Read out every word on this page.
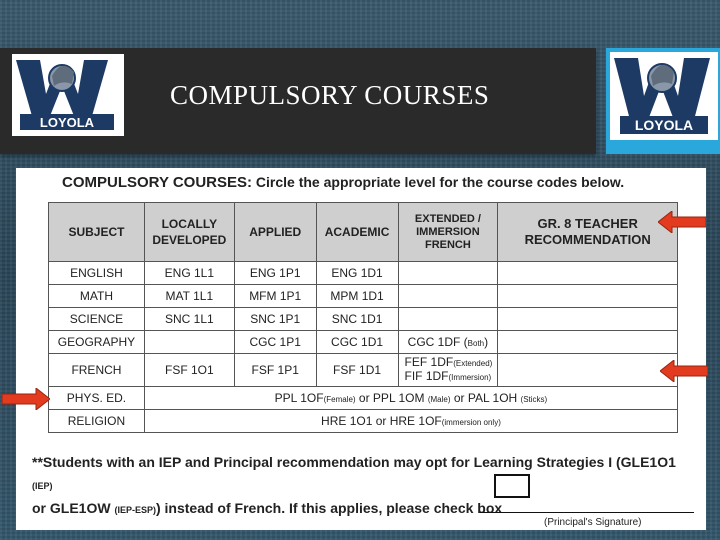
COMPULSORY COURSES
LOYOLA	LOYOLA
COMPULSORY COURSES: Circle the appropriate level for the course codes below.
SUBJECT	LOCALLY DEVELOPED	APPLIED	ACADEMIC	EXTENDED / IMMERSION FRENCH	GR. 8 TEACHER RECOMMENDATION
ENGLISH	ENG 1L1	ENG 1P1	ENG 1D1		
MATH	MAT 1L1	MFM 1P1	MPM 1D1		
SCIENCE	SNC 1L1	SNC 1P1	SNC 1D1		
GEOGRAPHY		CGC 1P1	CGC 1D1	CGC 1DF (Both)	
FRENCH	FSF 1O1	FSF 1P1	FSF 1D1	FEF 1DF(Extended)
FIF 1DF(Immersion)	

PHYS. ED.	PPL 1OF(Female) or PPL 1OM (Male) or PAL 1OH (Sticks)				
RELIGION	HRE 1O1 or HRE 1OF(immersion only)				
**Students with an IEP and Principal recommendation may opt for Learning Strategies I (GLE1O1 (IEP)
or GLE1OW (IEP-ESP)) instead of French. If this applies, please check box
(Principal's Signature)
